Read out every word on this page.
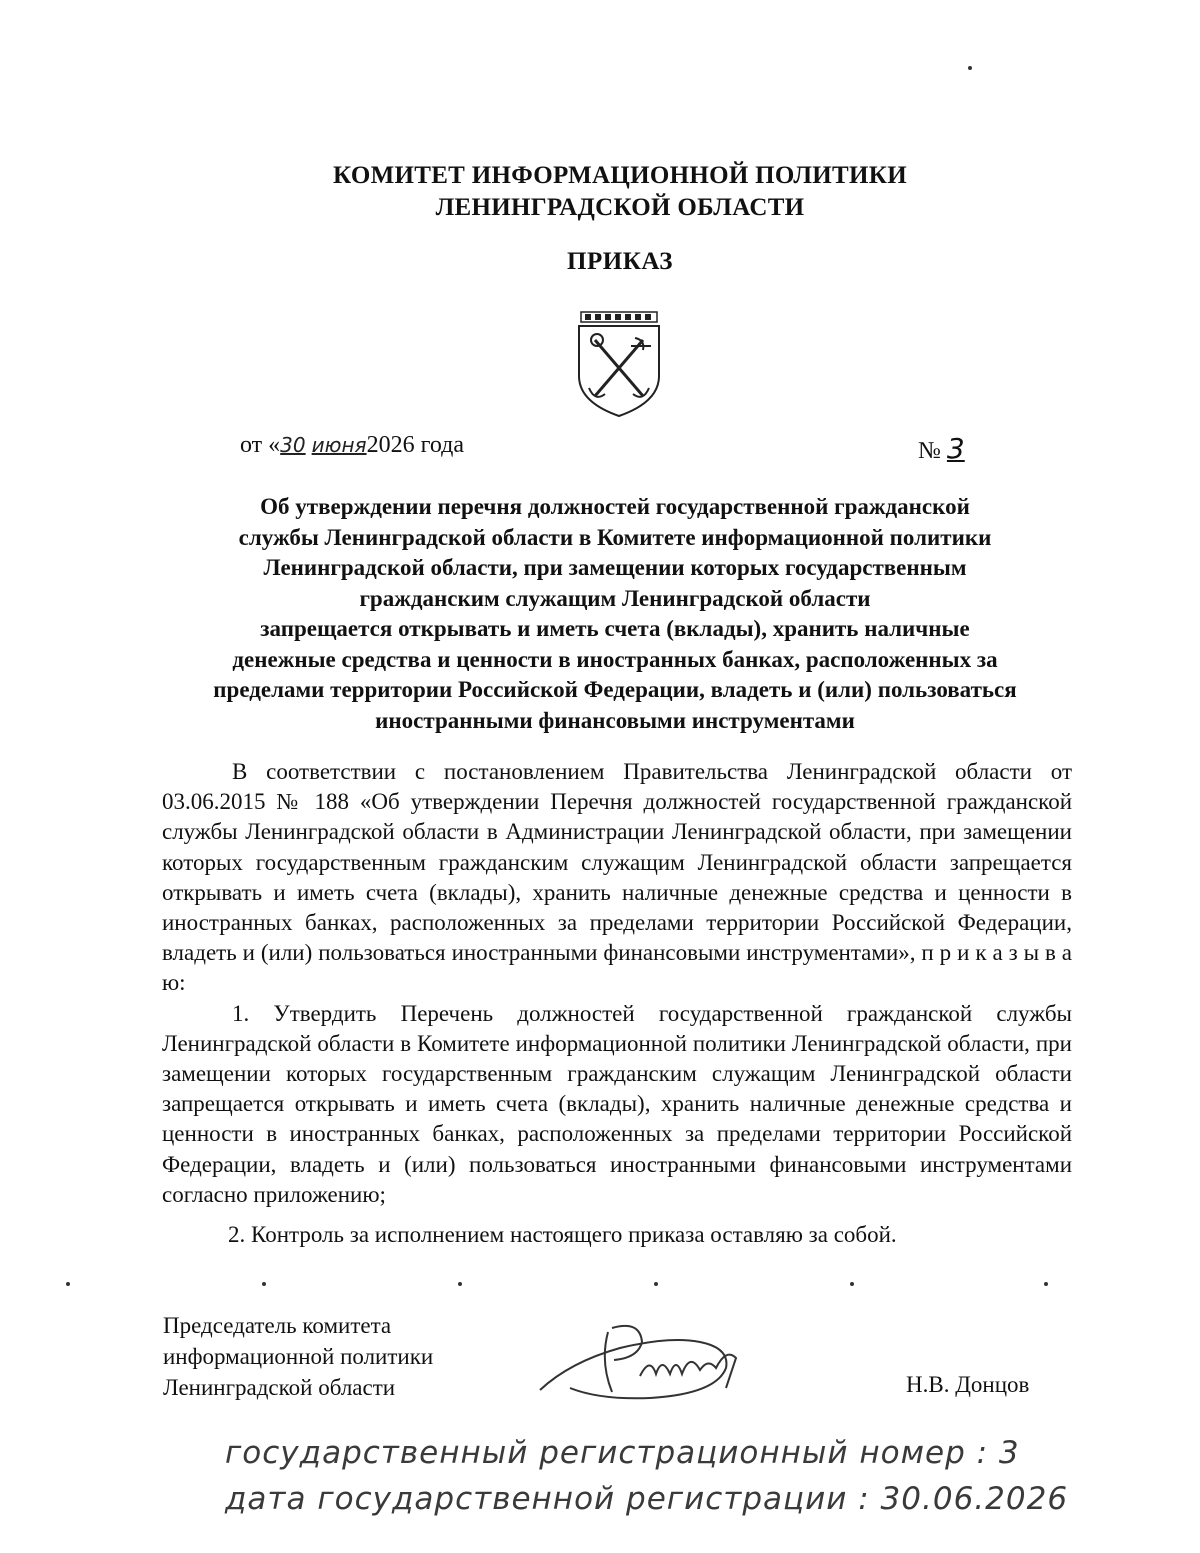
КОМИТЕТ ИНФОРМАЦИОННОЙ ПОЛИТИКИ
ЛЕНИНГРАДСКОЙ ОБЛАСТИ
ПРИКАЗ
от «30 июня2026 года	№ 3
Об утверждении перечня должностей государственной гражданской
службы Ленинградской области в Комитете информационной политики
Ленинградской области, при замещении которых государственным
гражданским служащим Ленинградской области
запрещается открывать и иметь счета (вклады), хранить наличные
денежные средства и ценности в иностранных банках, расположенных за
пределами территории Российской Федерации, владеть и (или) пользоваться
иностранными финансовыми инструментами

В соответствии с постановлением Правительства Ленинградской области от 03.06.2015 № 188 «Об утверждении Перечня должностей государственной гражданской службы Ленинградской области в Администрации Ленинградской области, при замещении которых государственным гражданским служащим Ленинградской области запрещается открывать и иметь счета (вклады), хранить наличные денежные средства и ценности в иностранных банках, расположенных за пределами территории Российской Федерации, владеть и (или) пользоваться иностранными финансовыми инструментами», п р и к а з ы в а ю:

1. Утвердить Перечень должностей государственной гражданской службы Ленинградской области в Комитете информационной политики Ленинградской области, при замещении которых государственным гражданским служащим Ленинградской области запрещается открывать и иметь счета (вклады), хранить наличные денежные средства и ценности в иностранных банках, расположенных за пределами территории Российской Федерации, владеть и (или) пользоваться иностранными финансовыми инструментами согласно приложению;

2. Контроль за исполнением настоящего приказа оставляю за собой.
Председатель комитета
информационной политики
Ленинградской области	Н.В. Донцов
государственный регистрационный номер : 3
дата государственной регистрации : 30.06.2026
